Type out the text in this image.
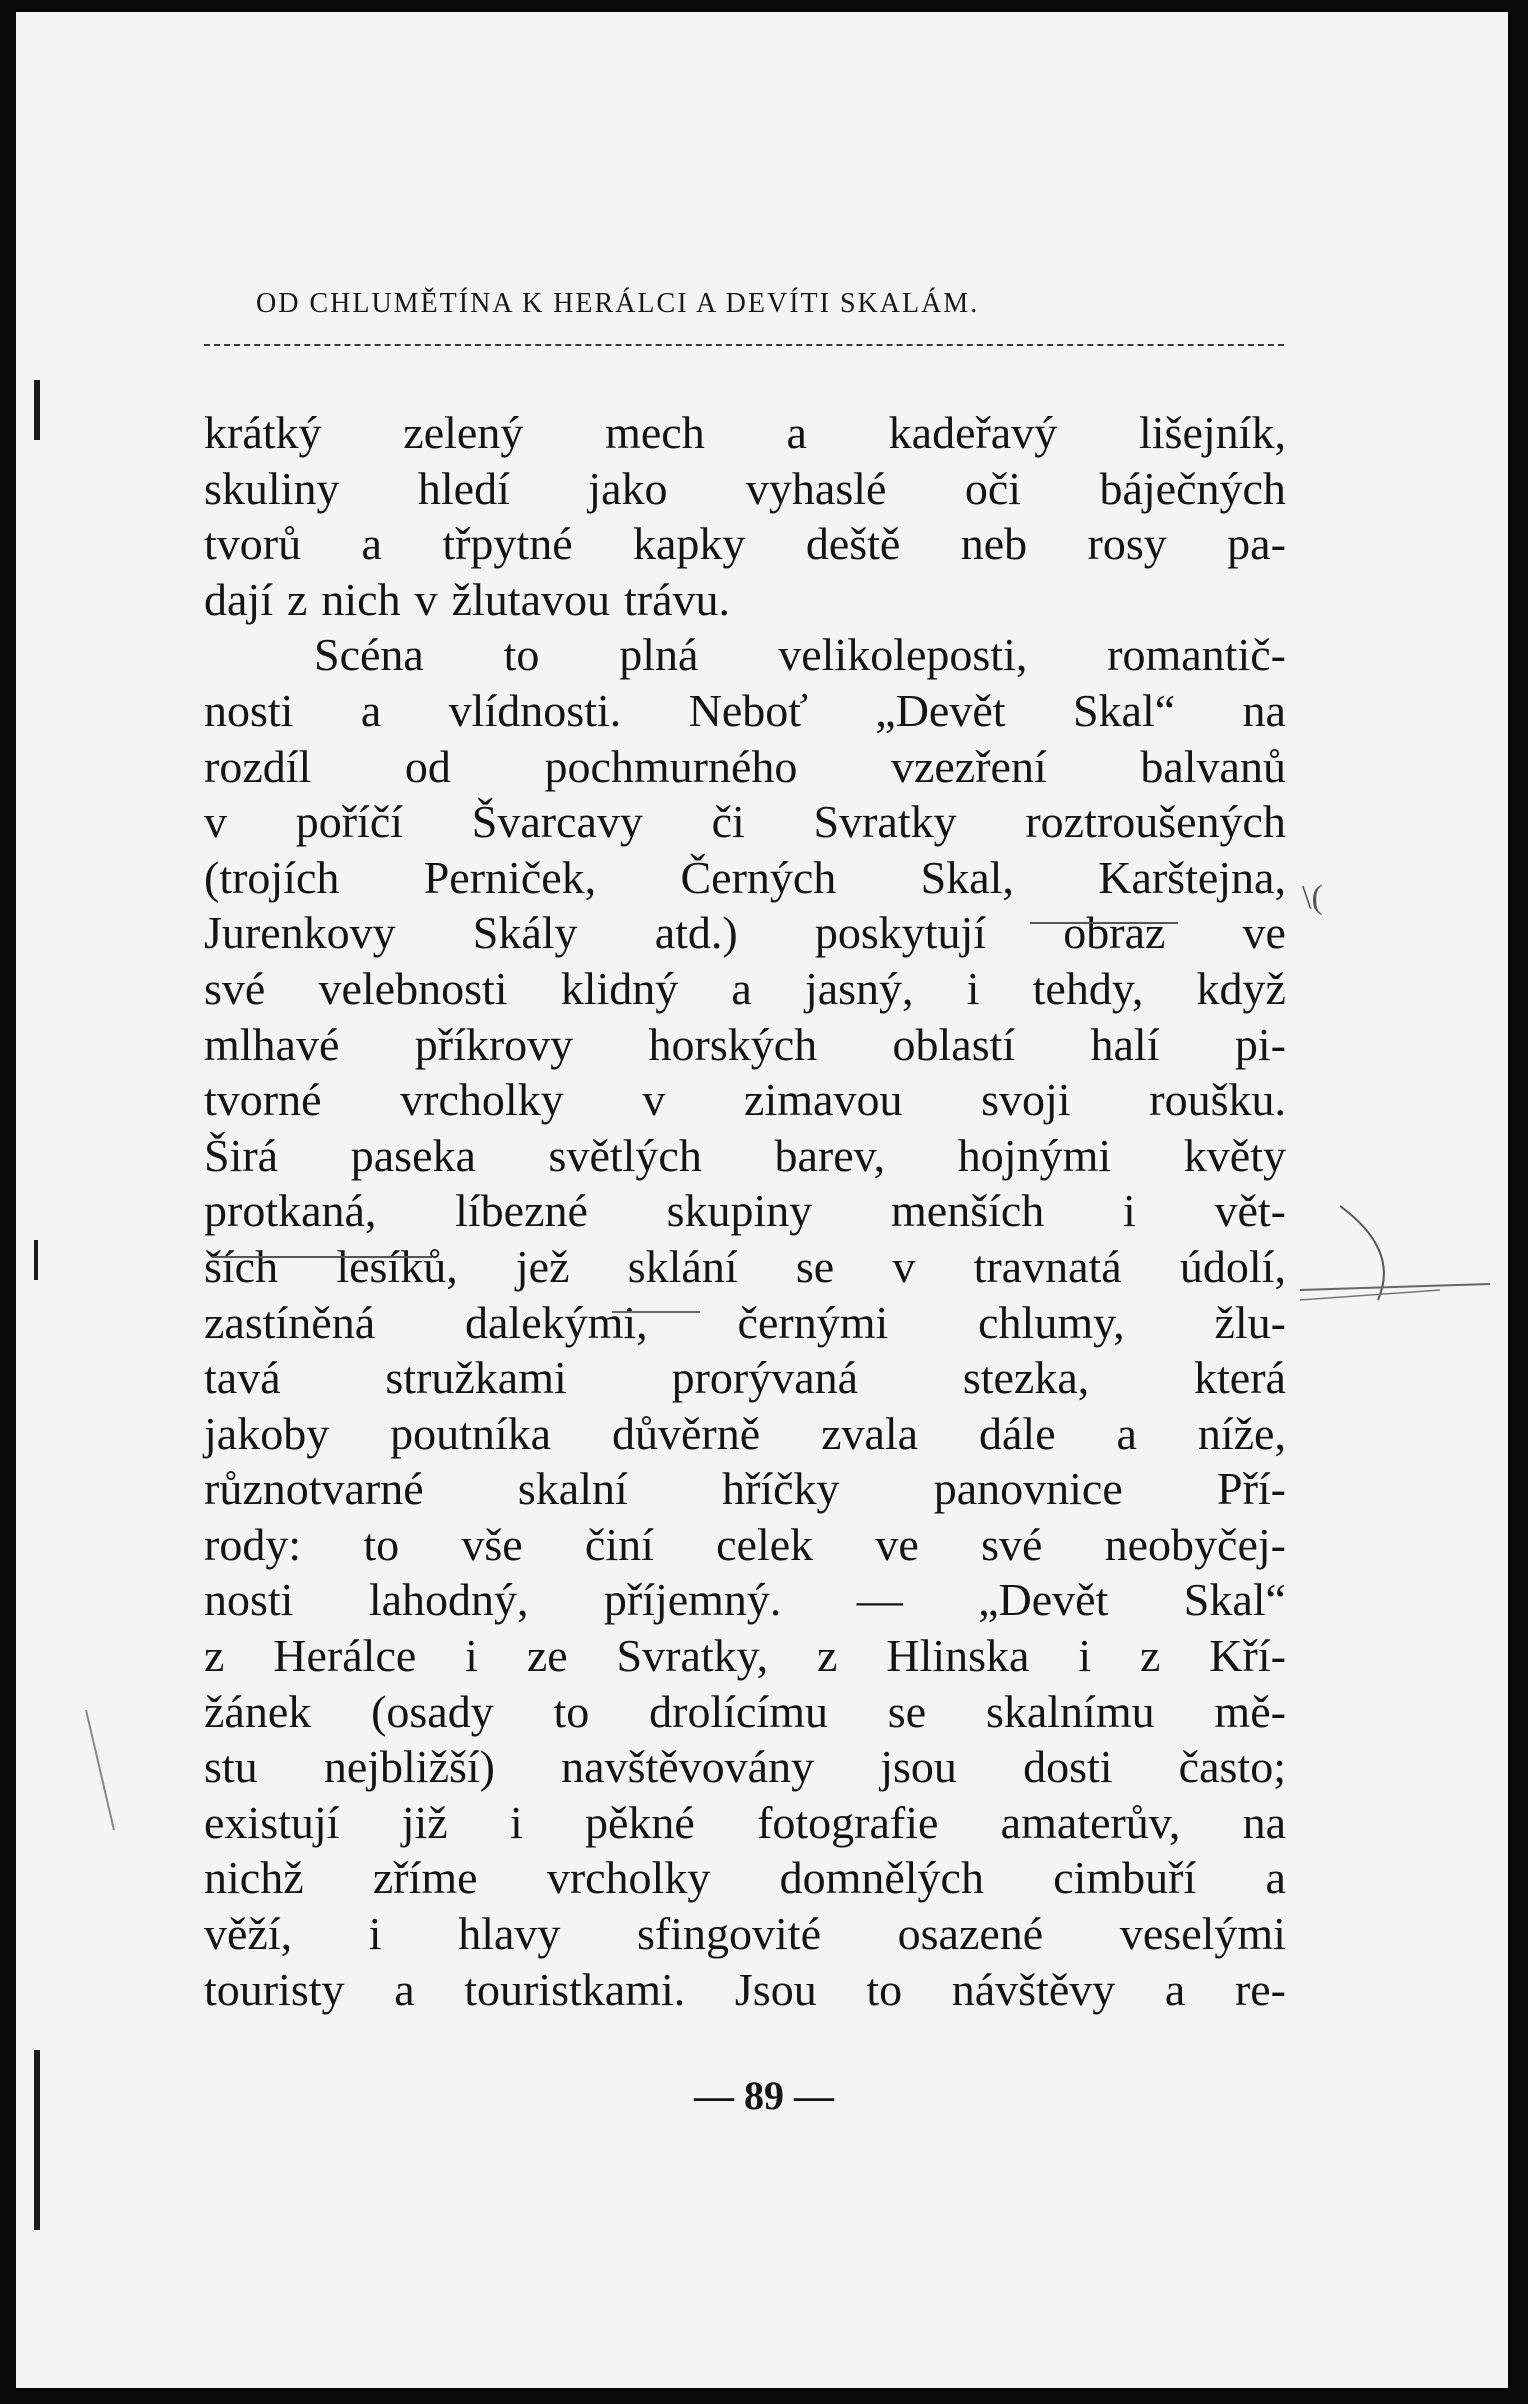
OD CHLUMĚTÍNA K HERÁLCI A DEVÍTI SKALÁM.
krátký zelený mech a kadeřavý lišejník,
skuliny hledí jako vyhaslé oči báječných
tvorů a třpytné kapky deště neb rosy pa-
dají z nich v žlutavou trávu.
Scéna to plná velikoleposti, romantič-
nosti a vlídnosti. Neboť „Devět Skal“ na
rozdíl od pochmurného vzezření balvanů
v poříčí Švarcavy či Svratky roztroušených
(trojích Perniček, Černých Skal, Karštejna,
Jurenkovy Skály atd.) poskytují obraz ve
své velebnosti klidný a jasný, i tehdy, když
mlhavé příkrovy horských oblastí halí pi-
tvorné vrcholky v zimavou svoji roušku.
Širá paseka světlých barev, hojnými květy
protkaná, líbezné skupiny menších i vět-
ších lesíků, jež sklání se v travnatá údolí,
zastíněná dalekými, černými chlumy, žlu-
tavá stružkami prorývaná stezka, která
jakoby poutníka důvěrně zvala dále a níže,
různotvarné skalní hříčky panovnice Pří-
rody: to vše činí celek ve své neobyčej-
nosti lahodný, příjemný. — „Devět Skal“
z Herálce i ze Svratky, z Hlinska i z Kří-
žánek (osady to drolícímu se skalnímu mě-
stu nejbližší) navštěvovány jsou dosti často;
existují již i pěkné fotografie amaterův, na
nichž zříme vrcholky domnělých cimbuří a
věží, i hlavy sfingovité osazené veselými
touristy a touristkami. Jsou to návštěvy a re-
— 89 —
\(
